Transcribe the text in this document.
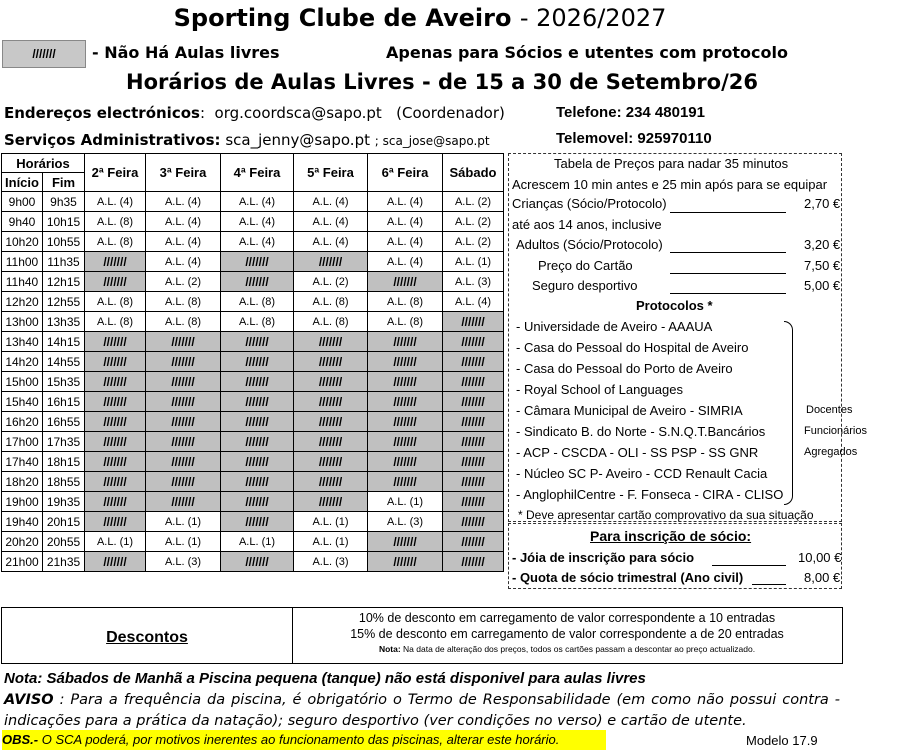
Sporting Clube de Aveiro - 2026/2027
///////	- Não Há Aulas livres	Apenas para Sócios e utentes com protocolo
Horários de Aulas Livres - de 15 a 30 de Setembro/26
Endereços electrónicos:  org.coordsca@sapo.pt (Coordenador)
Serviços Administrativos: sca_jenny@sapo.pt ; sca_jose@sapo.pt
Telefone: 234 480191
Telemovel: 925970110
Horários		2ª Feira	3ª Feira	4ª Feira	5ª Feira	6ª Feira	Sábado
Início	Fim						
9h00	9h35	A.L. (4)	A.L. (4)	A.L. (4)	A.L. (4)	A.L. (4)	A.L. (2)
9h40	10h15	A.L. (8)	A.L. (4)	A.L. (4)	A.L. (4)	A.L. (4)	A.L. (2)
10h20	10h55	A.L. (8)	A.L. (4)	A.L. (4)	A.L. (4)	A.L. (4)	A.L. (2)
11h00	11h35	///////	A.L. (4)	///////	///////	A.L. (4)	A.L. (1)
11h40	12h15	///////	A.L. (2)	///////	A.L. (2)	///////	A.L. (3)
12h20	12h55	A.L. (8)	A.L. (8)	A.L. (8)	A.L. (8)	A.L. (8)	A.L. (4)
13h00	13h35	A.L. (8)	A.L. (8)	A.L. (8)	A.L. (8)	A.L. (8)	///////
13h40	14h15	///////	///////	///////	///////	///////	///////
14h20	14h55	///////	///////	///////	///////	///////	///////
15h00	15h35	///////	///////	///////	///////	///////	///////
15h40	16h15	///////	///////	///////	///////	///////	///////
16h20	16h55	///////	///////	///////	///////	///////	///////
17h00	17h35	///////	///////	///////	///////	///////	///////
17h40	18h15	///////	///////	///////	///////	///////	///////
18h20	18h55	///////	///////	///////	///////	///////	///////
19h00	19h35	///////	///////	///////	///////	A.L. (1)	///////
19h40	20h15	///////	A.L. (1)	///////	A.L. (1)	A.L. (3)	///////
20h20	20h55	A.L. (1)	A.L. (1)	A.L. (1)	A.L. (1)	///////	///////
21h00	21h35	///////	A.L. (3)	///////	A.L. (3)	///////	///////
Tabela de Preços para nadar 35 minutos
Acrescem 10 min antes e 25 min após para se equipar
Crianças (Sócio/Protocolo)	2,70 €
até aos 14 anos, inclusive
Adultos (Sócio/Protocolo)	3,20 €
Preço do Cartão	7,50 €
Seguro desportivo	5,00 €
Protocolos *
- Universidade de Aveiro - AAAUA
- Casa do Pessoal do Hospital de Aveiro
- Casa do Pessoal do Porto de Aveiro
- Royal School of Languages
- Câmara Municipal de Aveiro - SIMRIA
- Sindicato B. do Norte - S.N.Q.T.Bancários
- ACP - CSCDA - OLI - SS PSP - SS GNR
- Núcleo SC P- Aveiro - CCD Renault Cacia
- AnglophilCentre - F. Fonseca - CIRA - CLISO
Docentes
Funcionários
Agregados
* Deve apresentar cartão comprovativo da sua situação
Para inscrição de sócio:
- Jóia de inscrição para sócio	10,00 €
- Quota de sócio trimestral (Ano civil)	8,00 €
Descontos
10% de desconto em carregamento de valor correspondente a 10 entradas
15% de desconto em carregamento de valor correspondente a de 20 entradas
Nota: Na data de alteração dos preços, todos os cartões passam a descontar ao preço actualizado.
Nota: Sábados de Manhã a Piscina pequena (tanque) não está disponivel para aulas livres
AVISO : Para a frequência da piscina, é obrigatório o Termo de Responsabilidade (em como não possui contra - indicações para a prática da natação); seguro desportivo (ver condições no verso) e cartão de utente.
OBS.- O SCA poderá, por motivos inerentes ao funcionamento das piscinas, alterar este horário.	Modelo 17.9
